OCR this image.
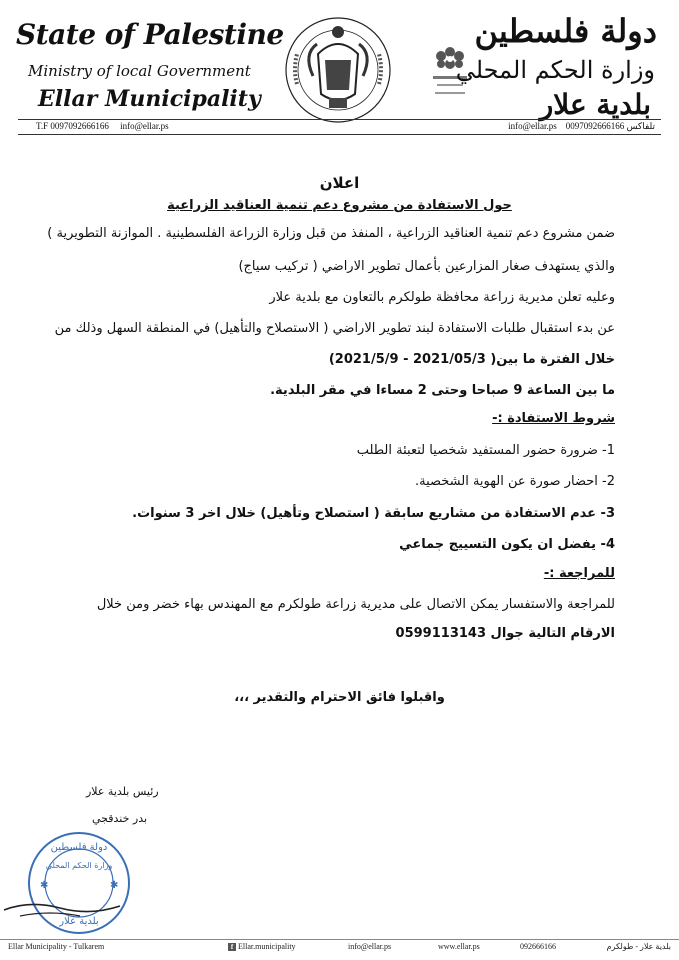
State of Palestine
Ministry of local Government
Ellar Municipality
دولة فلسطين
وزارة الحكم المحلي
بلدية علار
T.F 0097092666166 info@ellar.ps	info@ellar.ps 0097092666166 تلفاكس
اعلان
حول الاستفادة من مشروع دعم تنمية العناقيد الزراعية
ضمن مشروع دعم تنمية العناقيد الزراعية ، المنفذ من قبل وزارة الزراعة الفلسطينية . الموازنة التطويرية )
والذي يستهدف صغار المزارعين بأعمال تطوير الاراضي ( تركيب سياج)
وعليه تعلن مديرية زراعة محافظة طولكرم بالتعاون مع بلدية علار
عن بدء استقبال طلبات الاستفادة لبند تطوير الاراضي ( الاستصلاح والتأهيل) في المنطقة السهل وذلك من
خلال الفترة ما بين( 2021/05/3 - 2021/5/9)
ما بين الساعة 9 صباحا وحتى 2 مساءا في مقر البلدية.
شروط الاستفادة :-
1- ضرورة حضور المستفيد شخصيا لتعبئة الطلب
2- احضار صورة عن الهوية الشخصية.
3- عدم الاستفادة من مشاريع سابقة ( استصلاح وتأهيل) خلال اخر 3 سنوات.
4- يفضل ان يكون التسييج جماعي
للمراجعة :-
للمراجعة والاستفسار يمكن الاتصال على مديرية زراعة طولكرم مع المهندس بهاء خضر ومن خلال
الارقام التالية جوال 0599113143
واقبلوا فائق الاحترام والتقدير ،،،
رئيس بلدية علار
بدر خندقجي
دولة فلسطين
وزارة الحكم المحلي
بلدية علار
✱	✱
Ellar Municipality - Tulkarem	f Ellar.municipality	info@ellar.ps	www.ellar.ps	092666166	بلدية علار - طولكرم
